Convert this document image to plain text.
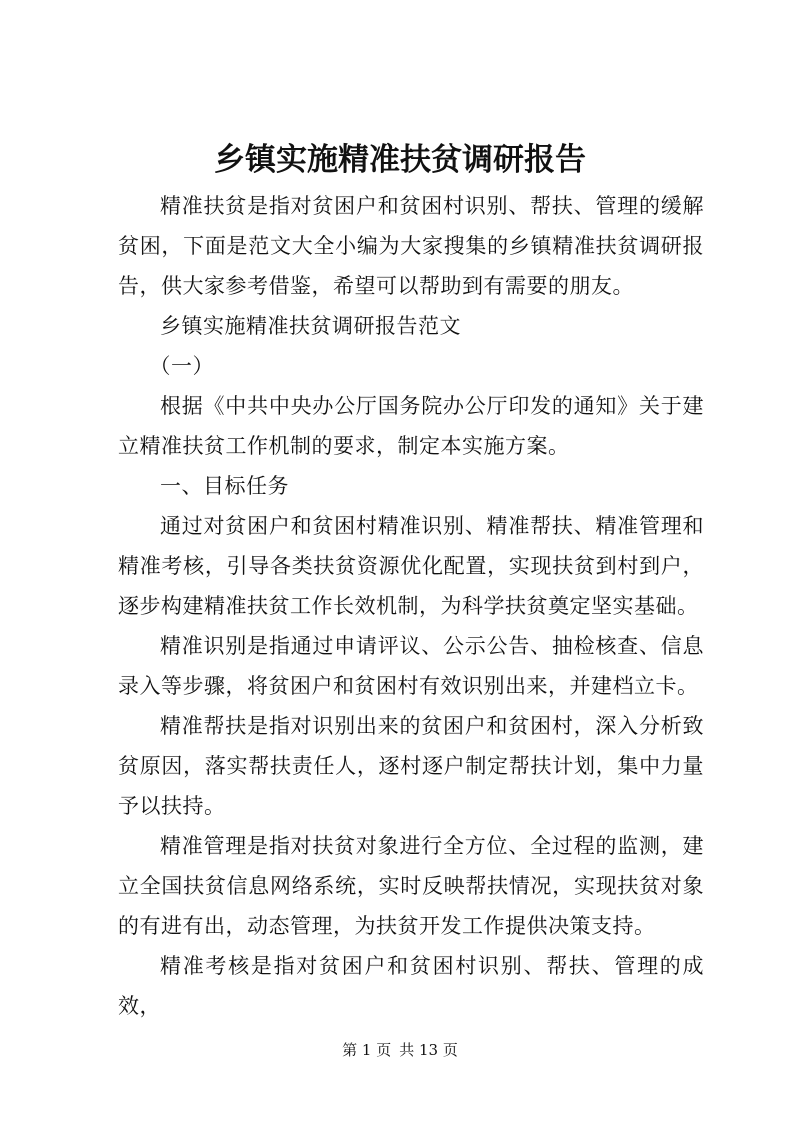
乡镇实施精准扶贫调研报告

精准扶贫是指对贫困户和贫困村识别、帮扶、管理的缓解贫困，下面是范文大全小编为大家搜集的乡镇精准扶贫调研报告，供大家参考借鉴，希望可以帮助到有需要的朋友。

乡镇实施精准扶贫调研报告范文

（一）

根据《中共中央办公厅国务院办公厅印发的通知》关于建立精准扶贫工作机制的要求，制定本实施方案。

一、目标任务

通过对贫困户和贫困村精准识别、精准帮扶、精准管理和精准考核，引导各类扶贫资源优化配置，实现扶贫到村到户，逐步构建精准扶贫工作长效机制，为科学扶贫奠定坚实基础。

精准识别是指通过申请评议、公示公告、抽检核查、信息录入等步骤，将贫困户和贫困村有效识别出来，并建档立卡。

精准帮扶是指对识别出来的贫困户和贫困村，深入分析致贫原因，落实帮扶责任人，逐村逐户制定帮扶计划，集中力量予以扶持。

精准管理是指对扶贫对象进行全方位、全过程的监测，建立全国扶贫信息网络系统，实时反映帮扶情况，实现扶贫对象的有进有出，动态管理，为扶贫开发工作提供决策支持。

精准考核是指对贫困户和贫困村识别、帮扶、管理的成效，

第 1 页 共 13 页
